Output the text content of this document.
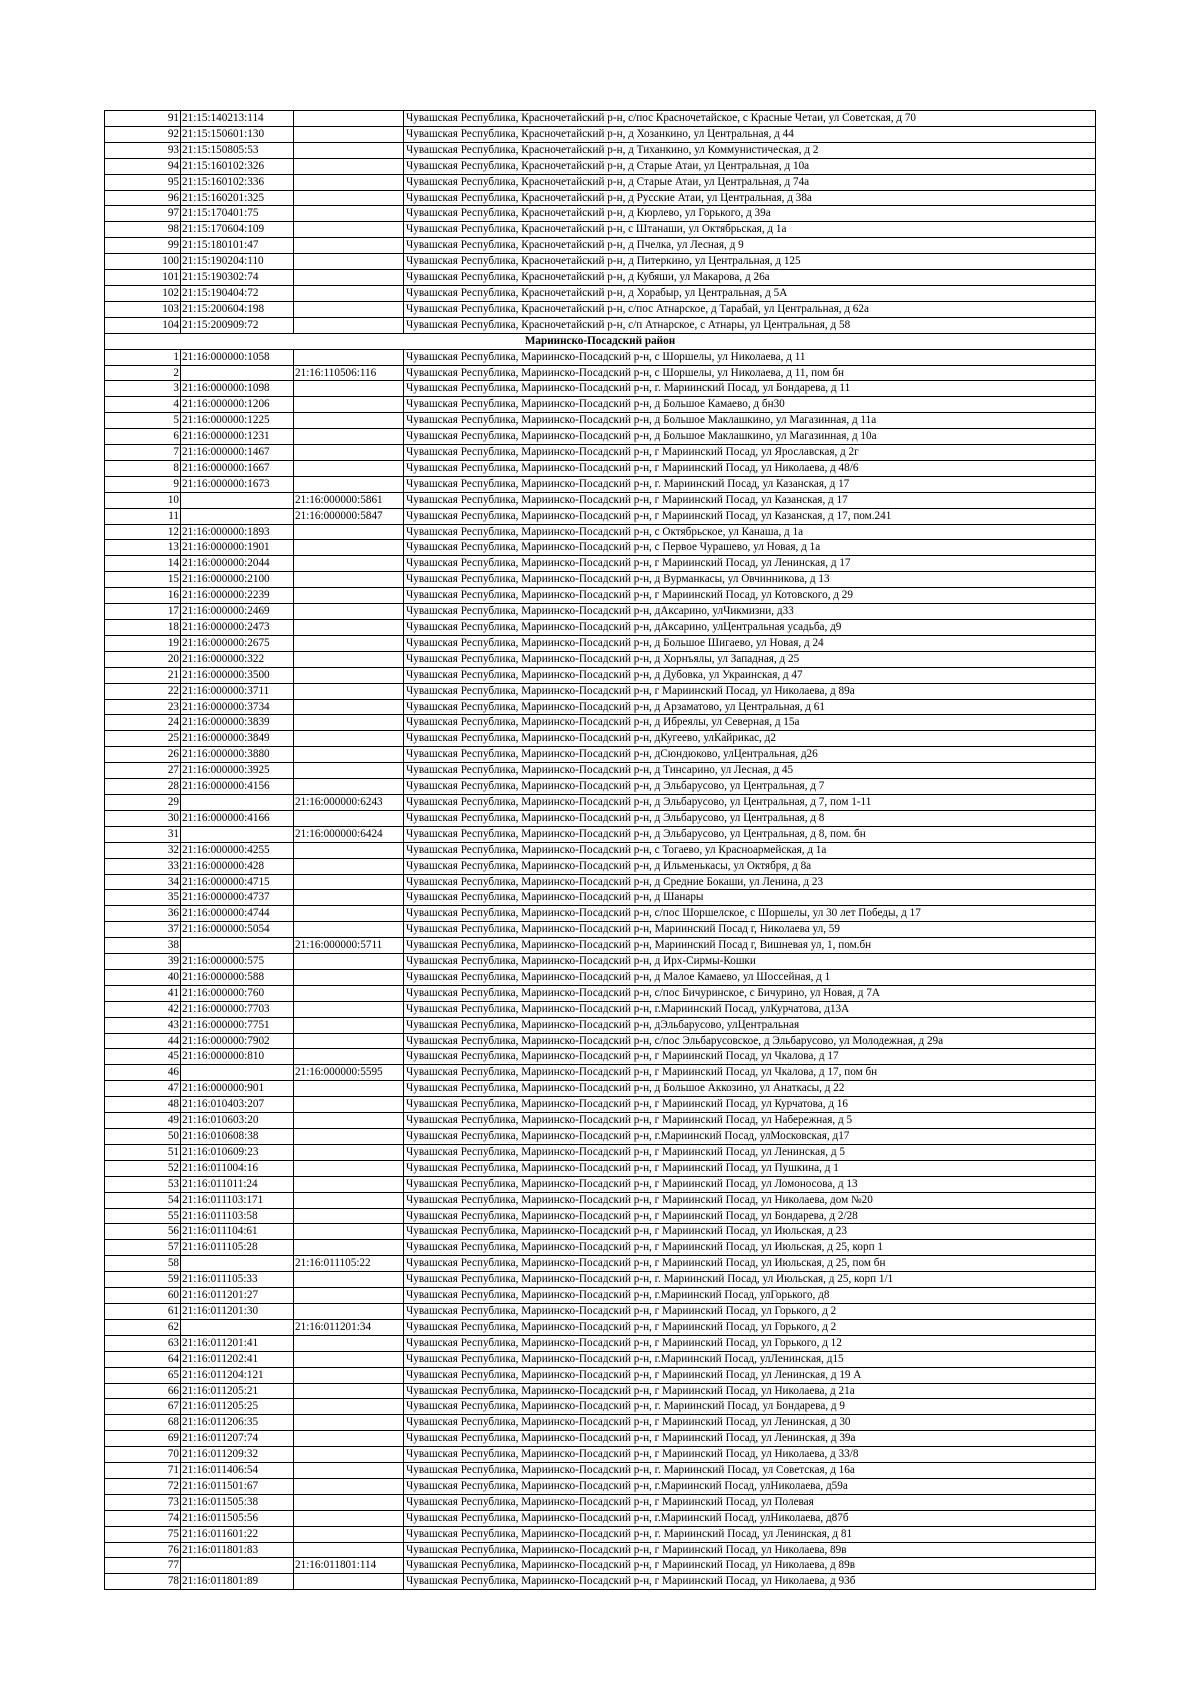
91	21:15:140213:114		Чувашская Республика, Красночетайский р-н, с/пос Красночетайское, с Красные Четаи, ул Советская, д 70
92	21:15:150601:130		Чувашская Республика, Красночетайский р-н, д Хозанкино, ул Центральная, д 44
93	21:15:150805:53		Чувашская Республика, Красночетайский р-н, д Тиханкино, ул Коммунистическая, д 2
94	21:15:160102:326		Чувашская Республика, Красночетайский р-н, д Старые Атаи, ул Центральная, д 10а
95	21:15:160102:336		Чувашская Республика, Красночетайский р-н, д Старые Атаи, ул Центральная, д 74а
96	21:15:160201:325		Чувашская Республика, Красночетайский р-н, д Русские Атаи, ул Центральная, д 38а
97	21:15:170401:75		Чувашская Республика, Красночетайский р-н, д Кюрлево, ул Горького, д 39а
98	21:15:170604:109		Чувашская Республика, Красночетайский р-н, с Штанаши, ул Октябрьская, д 1а
99	21:15:180101:47		Чувашская Республика, Красночетайский р-н, д Пчелка, ул Лесная, д 9
100	21:15:190204:110		Чувашская Республика, Красночетайский р-н, д Питеркино, ул Центральная, д 125
101	21:15:190302:74		Чувашская Республика, Красночетайский р-н, д Кубяши, ул Макарова, д 26а
102	21:15:190404:72		Чувашская Республика, Красночетайский р-н, д Хорабыр, ул Центральная, д 5А
103	21:15:200604:198		Чувашская Республика, Красночетайский р-н, с/пос Атнарское, д Тарабай, ул Центральная, д 62а
104	21:15:200909:72		Чувашская Республика, Красночетайский р-н, с/п Атнарское, с Атнары, ул Центральная, д 58
Мариинско-Посадский район			
1	21:16:000000:1058		Чувашская Республика, Мариинско-Посадский р-н, с Шоршелы, ул Николаева, д 11
2		21:16:110506:116	Чувашская Республика, Мариинско-Посадский р-н, с Шоршелы, ул Николаева, д 11, пом бн
3	21:16:000000:1098		Чувашская Республика, Мариинско-Посадский р-н, г. Мариинский Посад, ул Бондарева, д 11
4	21:16:000000:1206		Чувашская Республика, Мариинско-Посадский р-н, д Большое Камаево, д бн30
5	21:16:000000:1225		Чувашская Республика, Мариинско-Посадский р-н, д Большое Маклашкино, ул Магазинная, д 11а
6	21:16:000000:1231		Чувашская Республика, Мариинско-Посадский р-н, д Большое Маклашкино, ул Магазинная, д 10а
7	21:16:000000:1467		Чувашская Республика, Мариинско-Посадский р-н, г Мариинский Посад, ул Ярославская, д 2г
8	21:16:000000:1667		Чувашская Республика, Мариинско-Посадский р-н, г Мариинский Посад, ул Николаева, д 48/6
9	21:16:000000:1673		Чувашская Республика, Мариинско-Посадский р-н, г. Мариинский Посад, ул Казанская, д 17
10		21:16:000000:5861	Чувашская Республика, Мариинско-Посадский р-н, г Мариинский Посад, ул Казанская, д 17
11		21:16:000000:5847	Чувашская Республика, Мариинско-Посадский р-н, г Мариинский Посад, ул Казанская, д 17, пом.241
12	21:16:000000:1893		Чувашская Республика, Мариинско-Посадский р-н, с Октябрьское, ул Канаша, д 1а
13	21:16:000000:1901		Чувашская Республика, Мариинско-Посадский р-н, с Первое Чурашево, ул Новая, д 1а
14	21:16:000000:2044		Чувашская Республика, Мариинско-Посадский р-н, г Мариинский Посад, ул Ленинская, д 17
15	21:16:000000:2100		Чувашская Республика, Мариинско-Посадский р-н, д Вурманкасы, ул Овчинникова, д 13
16	21:16:000000:2239		Чувашская Республика, Мариинско-Посадский р-н, г Мариинский Посад, ул Котовского, д 29
17	21:16:000000:2469		Чувашская Республика, Мариинско-Посадский р-н, дАксарино, улЧикмизни, д33
18	21:16:000000:2473		Чувашская Республика, Мариинско-Посадский р-н, дАксарино, улЦентральная усадьба, д9
19	21:16:000000:2675		Чувашская Республика, Мариинско-Посадский р-н, д Большое Шигаево, ул Новая, д 24
20	21:16:000000:322		Чувашская Республика, Мариинско-Посадский р-н, д Хорнъялы, ул Западная, д 25
21	21:16:000000:3500		Чувашская Республика, Мариинско-Посадский р-н, д Дубовка, ул Украинская, д 47
22	21:16:000000:3711		Чувашская Республика, Мариинско-Посадский р-н, г Мариинский Посад, ул Николаева, д 89а
23	21:16:000000:3734		Чувашская Республика, Мариинско-Посадский р-н, д Арзаматово, ул Центральная, д 61
24	21:16:000000:3839		Чувашская Республика, Мариинско-Посадский р-н, д Ибреялы, ул Северная, д 15а
25	21:16:000000:3849		Чувашская Республика, Мариинско-Посадский р-н, дКугеево, улКайрикас, д2
26	21:16:000000:3880		Чувашская Республика, Мариинско-Посадский р-н, дСюндюково, улЦентральная, д26
27	21:16:000000:3925		Чувашская Республика, Мариинско-Посадский р-н, д Тинсарино, ул Лесная, д 45
28	21:16:000000:4156		Чувашская Республика, Мариинско-Посадский р-н, д Эльбарусово, ул Центральная, д 7
29		21:16:000000:6243	Чувашская Республика, Мариинско-Посадский р-н, д Эльбарусово, ул Центральная, д 7, пом 1-11
30	21:16:000000:4166		Чувашская Республика, Мариинско-Посадский р-н, д Эльбарусово, ул Центральная, д 8
31		21:16:000000:6424	Чувашская Республика, Мариинско-Посадский р-н, д Эльбарусово, ул Центральная, д 8, пом. бн
32	21:16:000000:4255		Чувашская Республика, Мариинско-Посадский р-н, с Тогаево, ул Красноармейская, д 1а
33	21:16:000000:428		Чувашская Республика, Мариинско-Посадский р-н, д Ильменькасы, ул Октября, д 8а
34	21:16:000000:4715		Чувашская Республика, Мариинско-Посадский р-н, д Средние Бокаши, ул Ленина, д 23
35	21:16:000000:4737		Чувашская Республика, Мариинско-Посадский р-н, д Шанары
36	21:16:000000:4744		Чувашская Республика, Мариинско-Посадский р-н, с/пос Шоршелское, с Шоршелы, ул 30 лет Победы, д 17
37	21:16:000000:5054		Чувашская Республика, Мариинско-Посадский р-н, Мариинский Посад г, Николаева ул, 59
38		21:16:000000:5711	Чувашская Республика, Мариинско-Посадский р-н, Мариинский Посад г, Вишневая ул, 1, пом.бн
39	21:16:000000:575		Чувашская Республика, Мариинско-Посадский р-н, д Ирх-Сирмы-Кошки
40	21:16:000000:588		Чувашская Республика, Мариинско-Посадский р-н, д Малое Камаево, ул Шоссейная, д 1
41	21:16:000000:760		Чувашская Республика, Мариинско-Посадский р-н, с/пос Бичуринское, с Бичурино, ул Новая, д 7А
42	21:16:000000:7703		Чувашская Республика, Мариинско-Посадский р-н, г.Мариинский Посад, улКурчатова, д13А
43	21:16:000000:7751		Чувашская Республика, Мариинско-Посадский р-н, дЭльбарусово, улЦентральная
44	21:16:000000:7902		Чувашская Республика, Мариинско-Посадский р-н, с/пос Эльбарусовское, д Эльбарусово, ул Молодежная, д 29а
45	21:16:000000:810		Чувашская Республика, Мариинско-Посадский р-н, г Мариинский Посад, ул Чкалова, д 17
46		21:16:000000:5595	Чувашская Республика, Мариинско-Посадский р-н, г Мариинский Посад, ул Чкалова, д 17, пом бн
47	21:16:000000:901		Чувашская Республика, Мариинско-Посадский р-н, д Большое Аккозино, ул Анаткасы, д 22
48	21:16:010403:207		Чувашская Республика, Мариинско-Посадский р-н, г Мариинский Посад, ул Курчатова, д 16
49	21:16:010603:20		Чувашская Республика, Мариинско-Посадский р-н, г Мариинский Посад, ул Набережная, д 5
50	21:16:010608:38		Чувашская Республика, Мариинско-Посадский р-н, г.Мариинский Посад, улМосковская, д17
51	21:16:010609:23		Чувашская Республика, Мариинско-Посадский р-н, г Мариинский Посад, ул Ленинская, д 5
52	21:16:011004:16		Чувашская Республика, Мариинско-Посадский р-н, г Мариинский Посад, ул Пушкина, д 1
53	21:16:011011:24		Чувашская Республика, Мариинско-Посадский р-н, г Мариинский Посад, ул Ломоносова, д 13
54	21:16:011103:171		Чувашская Республика, Мариинско-Посадский р-н, г Мариинский Посад, ул Николаева, дом №20
55	21:16:011103:58		Чувашская Республика, Мариинско-Посадский р-н, г Мариинский Посад, ул Бондарева, д 2/28
56	21:16:011104:61		Чувашская Республика, Мариинско-Посадский р-н, г Мариинский Посад, ул Июльская, д 23
57	21:16:011105:28		Чувашская Республика, Мариинско-Посадский р-н, г Мариинский Посад, ул Июльская, д 25, корп 1
58		21:16:011105:22	Чувашская Республика, Мариинско-Посадский р-н, г Мариинский Посад, ул Июльская, д 25, пом бн
59	21:16:011105:33		Чувашская Республика, Мариинско-Посадский р-н, г. Мариинский Посад, ул Июльская, д 25, корп 1/1
60	21:16:011201:27		Чувашская Республика, Мариинско-Посадский р-н, г.Мариинский Посад, улГорького, д8
61	21:16:011201:30		Чувашская Республика, Мариинско-Посадский р-н, г Мариинский Посад, ул Горького, д 2
62		21:16:011201:34	Чувашская Республика, Мариинско-Посадский р-н, г Мариинский Посад, ул Горького, д 2
63	21:16:011201:41		Чувашская Республика, Мариинско-Посадский р-н, г Мариинский Посад, ул Горького, д 12
64	21:16:011202:41		Чувашская Республика, Мариинско-Посадский р-н, г.Мариинский Посад, улЛенинская, д15
65	21:16:011204:121		Чувашская Республика, Мариинско-Посадский р-н, г Мариинский Посад, ул Ленинская, д 19 А
66	21:16:011205:21		Чувашская Республика, Мариинско-Посадский р-н, г Мариинский Посад, ул Николаева, д 21а
67	21:16:011205:25		Чувашская Республика, Мариинско-Посадский р-н, г. Мариинский Посад, ул Бондарева, д 9
68	21:16:011206:35		Чувашская Республика, Мариинско-Посадский р-н, г Мариинский Посад, ул Ленинская, д 30
69	21:16:011207:74		Чувашская Республика, Мариинско-Посадский р-н, г Мариинский Посад, ул Ленинская, д 39а
70	21:16:011209:32		Чувашская Республика, Мариинско-Посадский р-н, г Мариинский Посад, ул Николаева, д 33/8
71	21:16:011406:54		Чувашская Республика, Мариинско-Посадский р-н, г. Мариинский Посад, ул Советская, д 16а
72	21:16:011501:67		Чувашская Республика, Мариинско-Посадский р-н, г.Мариинский Посад, улНиколаева, д59а
73	21:16:011505:38		Чувашская Республика, Мариинско-Посадский р-н, г Мариинский Посад, ул Полевая
74	21:16:011505:56		Чувашская Республика, Мариинско-Посадский р-н, г.Мариинский Посад, улНиколаева, д87б
75	21:16:011601:22		Чувашская Республика, Мариинско-Посадский р-н, г. Мариинский Посад, ул Ленинская, д 81
76	21:16:011801:83		Чувашская Республика, Мариинско-Посадский р-н, г Мариинский Посад, ул Николаева, 89в
77		21:16:011801:114	Чувашская Республика, Мариинско-Посадский р-н, г Мариинский Посад, ул Николаева, д 89в
78	21:16:011801:89		Чувашская Республика, Мариинско-Посадский р-н, г Мариинский Посад, ул Николаева, д 93б
